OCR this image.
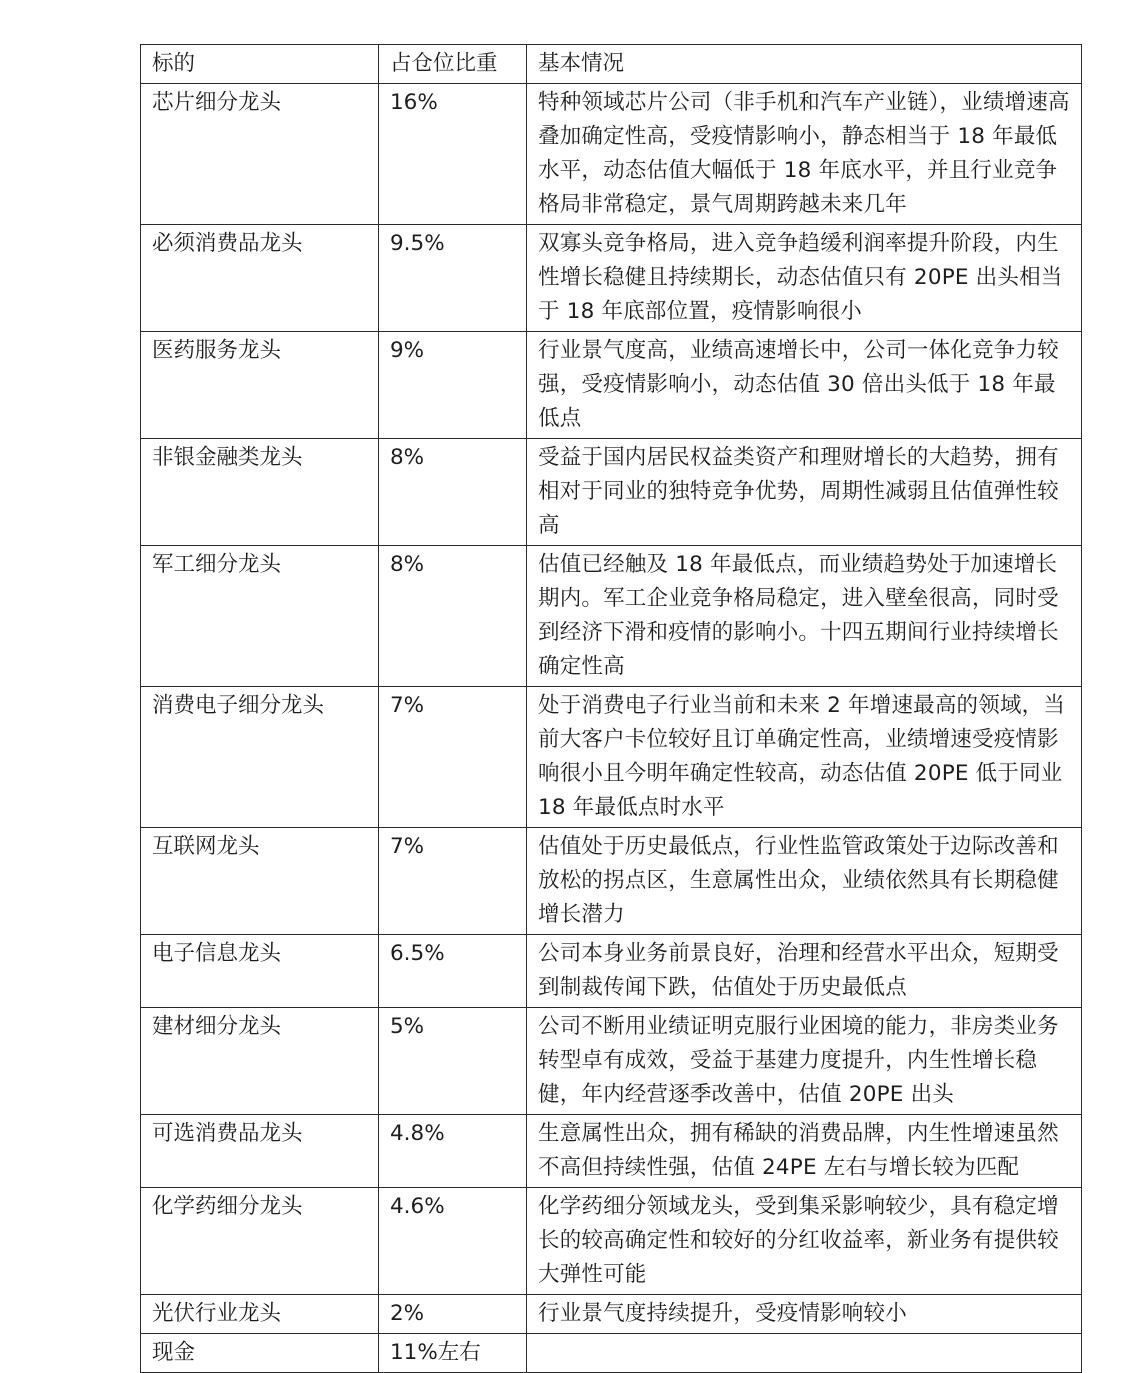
标的	占仓位比重	基本情况
芯片细分龙头	16%	特种领域芯片公司（非手机和汽车产业链），业绩增速高叠加确定性高，受疫情影响小，静态相当于 18 年最低水平，动态估值大幅低于 18 年底水平，并且行业竞争格局非常稳定，景气周期跨越未来几年
必须消费品龙头	9.5%	双寡头竞争格局，进入竞争趋缓利润率提升阶段，内生性增长稳健且持续期长，动态估值只有 20PE 出头相当于 18 年底部位置，疫情影响很小
医药服务龙头	9%	行业景气度高，业绩高速增长中，公司一体化竞争力较强，受疫情影响小，动态估值 30 倍出头低于 18 年最低点
非银金融类龙头	8%	受益于国内居民权益类资产和理财增长的大趋势，拥有相对于同业的独特竞争优势，周期性减弱且估值弹性较高
军工细分龙头	8%	估值已经触及 18 年最低点，而业绩趋势处于加速增长期内。军工企业竞争格局稳定，进入壁垒很高，同时受到经济下滑和疫情的影响小。十四五期间行业持续增长确定性高
消费电子细分龙头	7%	处于消费电子行业当前和未来 2 年增速最高的领域，当前大客户卡位较好且订单确定性高，业绩增速受疫情影响很小且今明年确定性较高，动态估值 20PE 低于同业 18 年最低点时水平
互联网龙头	7%	估值处于历史最低点，行业性监管政策处于边际改善和放松的拐点区，生意属性出众，业绩依然具有长期稳健增长潜力
电子信息龙头	6.5%	公司本身业务前景良好，治理和经营水平出众，短期受到制裁传闻下跌，估值处于历史最低点
建材细分龙头	5%	公司不断用业绩证明克服行业困境的能力，非房类业务转型卓有成效，受益于基建力度提升，内生性增长稳健，年内经营逐季改善中，估值 20PE 出头
可选消费品龙头	4.8%	生意属性出众，拥有稀缺的消费品牌，内生性增速虽然不高但持续性强，估值 24PE 左右与增长较为匹配
化学药细分龙头	4.6%	化学药细分领域龙头，受到集采影响较少，具有稳定增长的较高确定性和较好的分红收益率，新业务有提供较大弹性可能
光伏行业龙头	2%	行业景气度持续提升，受疫情影响较小
现金	11%左右	
